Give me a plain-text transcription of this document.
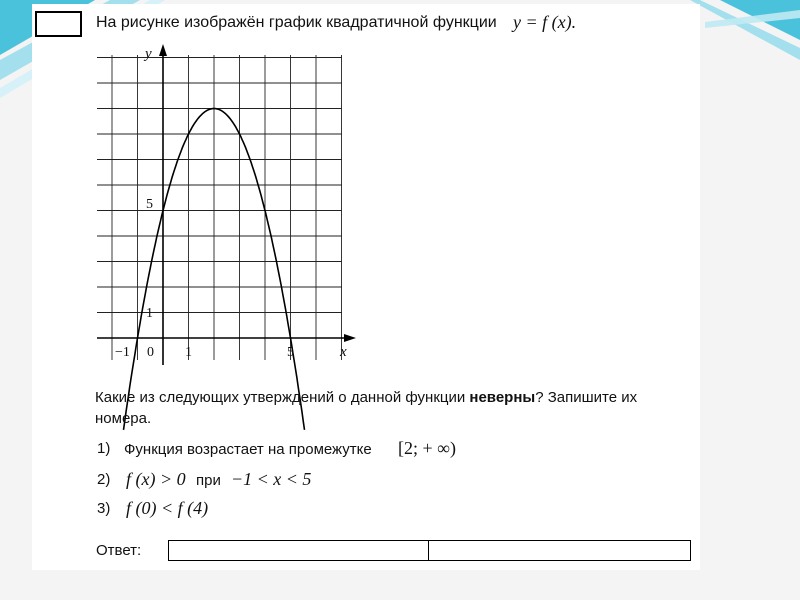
На рисунке изображён график квадратичной функции y = f (x).
y
x
−1 0 1	5
1
5
Какие из следующих утверждений о данной функции неверны? Запишите их
номера.
1) Функция возрастает на промежутке [2; + ∞)
2) f (x) > 0 при −1 < x < 5
3) f (0) < f (4)
Ответ:
